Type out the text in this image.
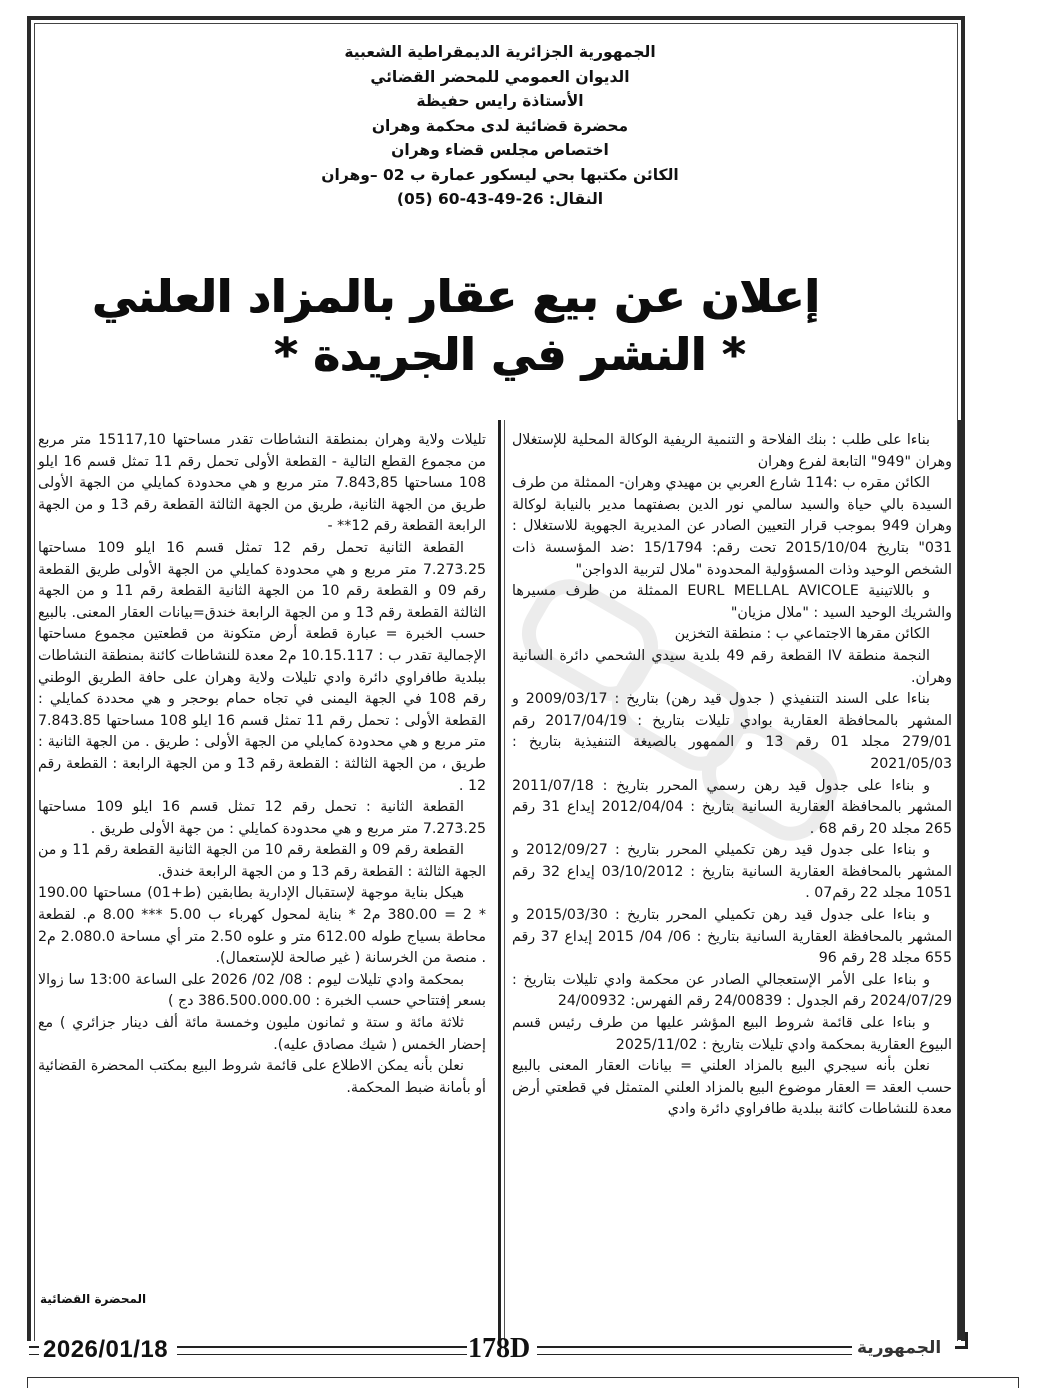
الجمهورية الجزائرية الديمقراطية الشعبية
الديوان العمومي للمحضر القضائي
الأستاذة رايس حفيظة
محضرة قضائية لدى محكمة وهران
اختصاص مجلس قضاء وهران
الكائن مكتبها بحي ليسكور عمارة ب 02 –وهران
النقال: 26-49-43-60 (05)
إعلان عن بيع عقار بالمزاد العلني
* النشر في الجريدة *

بناءا على طلب : بنك الفلاحة و التنمية الريفية الوكالة المحلية للإستغلال وهران "949" التابعة لفرع وهران

الكائن مقره ب :114 شارع العربي بن مهيدي وهران- الممثلة من طرف السيدة بالي حياة والسيد سالمي نور الدين بصفتهما مدير بالنيابة لوكالة وهران 949 بموجب قرار التعيين الصادر عن المديرية الجهوية للاستغلال : 031" بتاريخ 2015/10/04 تحت رقم: 15/1794 :ضد المؤسسة ذات الشخص الوحيد وذات المسؤولية المحدودة "ملال لتربية الدواجن"

و باللاتينية EURL MELLAL AVICOLE الممثلة من طرف مسيرها والشريك الوحيد السيد : "ملال مزيان"

الكائن مقرها الاجتماعي ب : منطقة التخزين

النجمة منطقة IV القطعة رقم 49 بلدية سيدي الشحمي دائرة السانية وهران.

بناءا على السند التنفيذي ( جدول قيد رهن) بتاريخ : 2009/03/17 و المشهر بالمحافظة العقارية بوادي تليلات بتاريخ : 2017/04/19 رقم 279/01 مجلد 01 رقم 13 و الممهور بالصيغة التنفيذية بتاريخ : 2021/05/03

و بناءا على جدول قيد رهن رسمي المحرر بتاريخ : 2011/07/18 المشهر بالمحافظة العقارية السانية بتاريخ : 2012/04/04 إيداع 31 رقم 265 مجلد 20 رقم 68 .

و بناءا على جدول قيد رهن تكميلي المحرر بتاريخ : 2012/09/27 و المشهر بالمحافظة العقارية السانية بتاريخ : 03/10/2012 إيداع 32 رقم 1051 مجلد 22 رقم07 .

و بناءا على جدول قيد رهن تكميلي المحرر بتاريخ : 2015/03/30 و المشهر بالمحافظة العقارية السانية بتاريخ : 06/ 04/ 2015 إيداع 37 رقم 655 مجلد 28 رقم 96

و بناءا على الأمر الإستعجالي الصادر عن محكمة وادي تليلات بتاريخ : 2024/07/29 رقم الجدول : 24/00839 رقم الفهرس: 24/00932

و بناءا على قائمة شروط البيع المؤشر عليها من طرف رئيس قسم البيوع العقارية بمحكمة وادي تليلات بتاريخ : 2025/11/02

نعلن بأنه سيجري البيع بالمزاد العلني = بيانات العقار المعنى بالبيع حسب العقد = العقار موضوع البيع بالمزاد العلني المتمثل في قطعتي أرض معدة للنشاطات كائنة ببلدية طافراوي دائرة وادي

تليلات ولاية وهران بمنطقة النشاطات تقدر مساحتها 15117,10 متر مربع من مجموع القطع التالية - القطعة الأولى تحمل رقم 11 تمثل قسم 16 ايلو 108 مساحتها 7.843,85 متر مربع و هي محدودة كمايلي من الجهة الأولى طريق من الجهة الثانية، طريق من الجهة الثالثة القطعة رقم 13 و من الجهة الرابعة القطعة رقم 12** -

القطعة الثانية تحمل رقم 12 تمثل قسم 16 ايلو 109 مساحتها 7.273.25 متر مربع و هي محدودة كمايلي من الجهة الأولى طريق القطعة رقم 09 و القطعة رقم 10 من الجهة الثانية القطعة رقم 11 و من الجهة الثالثة القطعة رقم 13 و من الجهة الرابعة خندق=بيانات العقار المعنى. بالبيع حسب الخبرة = عبارة قطعة أرض متكونة من قطعتين مجموع مساحتها الإجمالية تقدر ب : 10.15.117 م2 معدة للنشاطات كائنة بمنطقة النشاطات ببلدية طافراوي دائرة وادي تليلات ولاية وهران على حافة الطريق الوطني رقم 108 في الجهة اليمنى في تجاه حمام بوحجر و هي محددة كمايلي : القطعة الأولى : تحمل رقم 11 تمثل قسم 16 ايلو 108 مساحتها 7.843.85 متر مربع و هي محدودة كمايلي من الجهة الأولى : طريق . من الجهة الثانية : طريق ، من الجهة الثالثة : القطعة رقم 13 و من الجهة الرابعة : القطعة رقم 12 .

القطعة الثانية : تحمل رقم 12 تمثل قسم 16 ايلو 109 مساحتها 7.273.25 متر مربع و هي محدودة كمايلي : من جهة الأولى طريق .

القطعة رقم 09 و القطعة رقم 10 من الجهة الثانية القطعة رقم 11 و من الجهة الثالثة : القطعة رقم 13 و من الجهة الرابعة خندق.

هيكل بناية موجهة لإستقبال الإدارية بطابقين (ط+01) مساحتها 190.00 * 2 = 380.00 م2 * بناية لمحول كهرباء ب 5.00 *** 8.00 م. لقطعة محاطة بسياج طوله 612.00 متر و علوه 2.50 متر أي مساحة 2.080.0 م2 . منصة من الخرسانة ( غير صالحة للإستعمال).

بمحكمة وادي تليلات ليوم : 08/ 02/ 2026 على الساعة 13:00 سا زوالا بسعر إفتتاحي حسب الخبرة : 386.500.000.00 دج )

ثلاثة مائة و ستة و ثمانون مليون وخمسة مائة ألف دينار جزائري ) مع إحضار الخمس ( شيك مصادق عليه).

نعلن بأنه يمكن الاطلاع على قائمة شروط البيع بمكتب المحضرة القضائية أو بأمانة ضبط المحكمة.

المحضرة القضائية
2026/01/18	178D	الجمهورية
